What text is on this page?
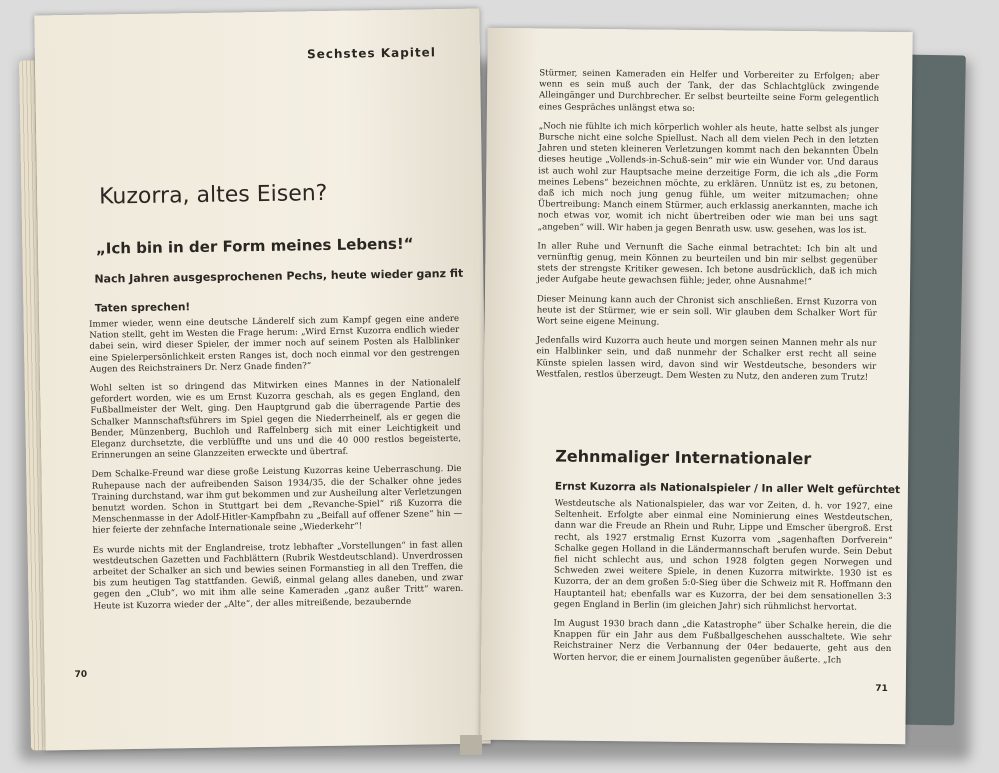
Sechstes Kapitel
Kuzorra, altes Eisen?
„Ich bin in der Form meines Lebens!“
Nach Jahren ausgesprochenen Pechs, heute wieder ganz fit
Taten sprechen!

Immer wieder, wenn eine deutsche Länderelf sich zum Kampf gegen eine andere Nation stellt, geht im Westen die Frage herum: „Wird Ernst Kuzorra endlich wieder dabei sein, wird dieser Spieler, der immer noch auf seinem Posten als Halblinker eine Spielerpersönlichkeit ersten Ranges ist, doch noch einmal vor den gestrengen Augen des Reichstrainers Dr. Nerz Gnade finden?“

Wohl selten ist so dringend das Mitwirken eines Mannes in der Nationalelf gefordert worden, wie es um Ernst Kuzorra geschah, als es gegen England, den Fußballmeister der Welt, ging. Den Hauptgrund gab die überragende Partie des Schalker Mannschaftsführers im Spiel gegen die Niederrheinelf, als er gegen die Bender, Münzenberg, Buchloh und Raffelnberg sich mit einer Leichtigkeit und Eleganz durchsetzte, die verblüffte und uns und die 40 000 restlos begeisterte, Erinnerungen an seine Glanzzeiten erweckte und übertraf.

Dem Schalke-Freund war diese große Leistung Kuzorras keine Ueberraschung. Die Ruhepause nach der aufreibenden Saison 1934/35, die der Schalker ohne jedes Training durchstand, war ihm gut bekommen und zur Ausheilung alter Verletzungen benutzt worden. Schon in Stuttgart bei dem „Revanche-Spiel“ riß Kuzorra die Menschenmasse in der Adolf-Hitler-Kampfbahn zu „Beifall auf offener Szene“ hin — hier feierte der zehnfache Internationale seine „Wiederkehr“!

Es wurde nichts mit der Englandreise, trotz lebhafter „Vorstellungen“ in fast allen westdeutschen Gazetten und Fachblättern (Rubrik Westdeutschland). Unverdrossen arbeitet der Schalker an sich und bewies seinen Formanstieg in all den Treffen, die bis zum heutigen Tag stattfanden. Gewiß, einmal gelang alles daneben, und zwar gegen den „Club“, wo mit ihm alle seine Kameraden „ganz außer Tritt“ waren. Heute ist Kuzorra wieder der „Alte“, der alles mitreißende, bezaubernde

70

Stürmer, seinen Kameraden ein Helfer und Vorbereiter zu Erfolgen; aber wenn es sein muß auch der Tank, der das Schlachtglück zwingende Alleingänger und Durchbrecher. Er selbst beurteilte seine Form gelegentlich eines Gespräches unlängst etwa so:

„Noch nie fühlte ich mich körperlich wohler als heute, hatte selbst als junger Bursche nicht eine solche Spiellust. Nach all dem vielen Pech in den letzten Jahren und steten kleineren Verletzungen kommt nach den bekannten Übeln dieses heutige „Vollends-in-Schuß-sein“ mir wie ein Wunder vor. Und daraus ist auch wohl zur Hauptsache meine derzeitige Form, die ich als „die Form meines Lebens“ bezeichnen möchte, zu erklären. Unnütz ist es, zu betonen, daß ich mich noch jung genug fühle, um weiter mitzumachen; ohne Übertreibung: Manch einem Stürmer, auch erklassig anerkannten, mache ich noch etwas vor, womit ich nicht übertreiben oder wie man bei uns sagt „angeben“ will. Wir haben ja gegen Benrath usw. usw. gesehen, was los ist.

In aller Ruhe und Vernunft die Sache einmal betrachtet: Ich bin alt und vernünftig genug, mein Können zu beurteilen und bin mir selbst gegenüber stets der strengste Kritiker gewesen. Ich betone ausdrücklich, daß ich mich jeder Aufgabe heute gewachsen fühle; jeder, ohne Ausnahme!“

Dieser Meinung kann auch der Chronist sich anschließen. Ernst Kuzorra von heute ist der Stürmer, wie er sein soll. Wir glauben dem Schalker Wort für Wort seine eigene Meinung.

Jedenfalls wird Kuzorra auch heute und morgen seinen Mannen mehr als nur ein Halblinker sein, und daß nunmehr der Schalker erst recht all seine Künste spielen lassen wird, davon sind wir Westdeutsche, besonders wir Westfalen, restlos überzeugt. Dem Westen zu Nutz, den anderen zum Trutz!

Zehnmaliger Internationaler
Ernst Kuzorra als Nationalspieler / In aller Welt gefürchtet

Westdeutsche als Nationalspieler, das war vor Zeiten, d. h. vor 1927, eine Seltenheit. Erfolgte aber einmal eine Nominierung eines Westdeutschen, dann war die Freude an Rhein und Ruhr, Lippe und Emscher übergroß. Erst recht, als 1927 erstmalig Ernst Kuzorra vom „sagenhaften Dorfverein“ Schalke gegen Holland in die Ländermannschaft berufen wurde. Sein Debut fiel nicht schlecht aus, und schon 1928 folgten gegen Norwegen und Schweden zwei weitere Spiele, in denen Kuzorra mitwirkte. 1930 ist es Kuzorra, der an dem großen 5:0-Sieg über die Schweiz mit R. Hoffmann den Hauptanteil hat; ebenfalls war es Kuzorra, der bei dem sensationellen 3:3 gegen England in Berlin (im gleichen Jahr) sich rühmlichst hervortat.

Im August 1930 brach dann „die Katastrophe“ über Schalke herein, die die Knappen für ein Jahr aus dem Fußballgeschehen ausschaltete. Wie sehr Reichstrainer Nerz die Verbannung der 04er bedauerte, geht aus den Worten hervor, die er einem Journalisten gegenüber äußerte. „Ich

71
